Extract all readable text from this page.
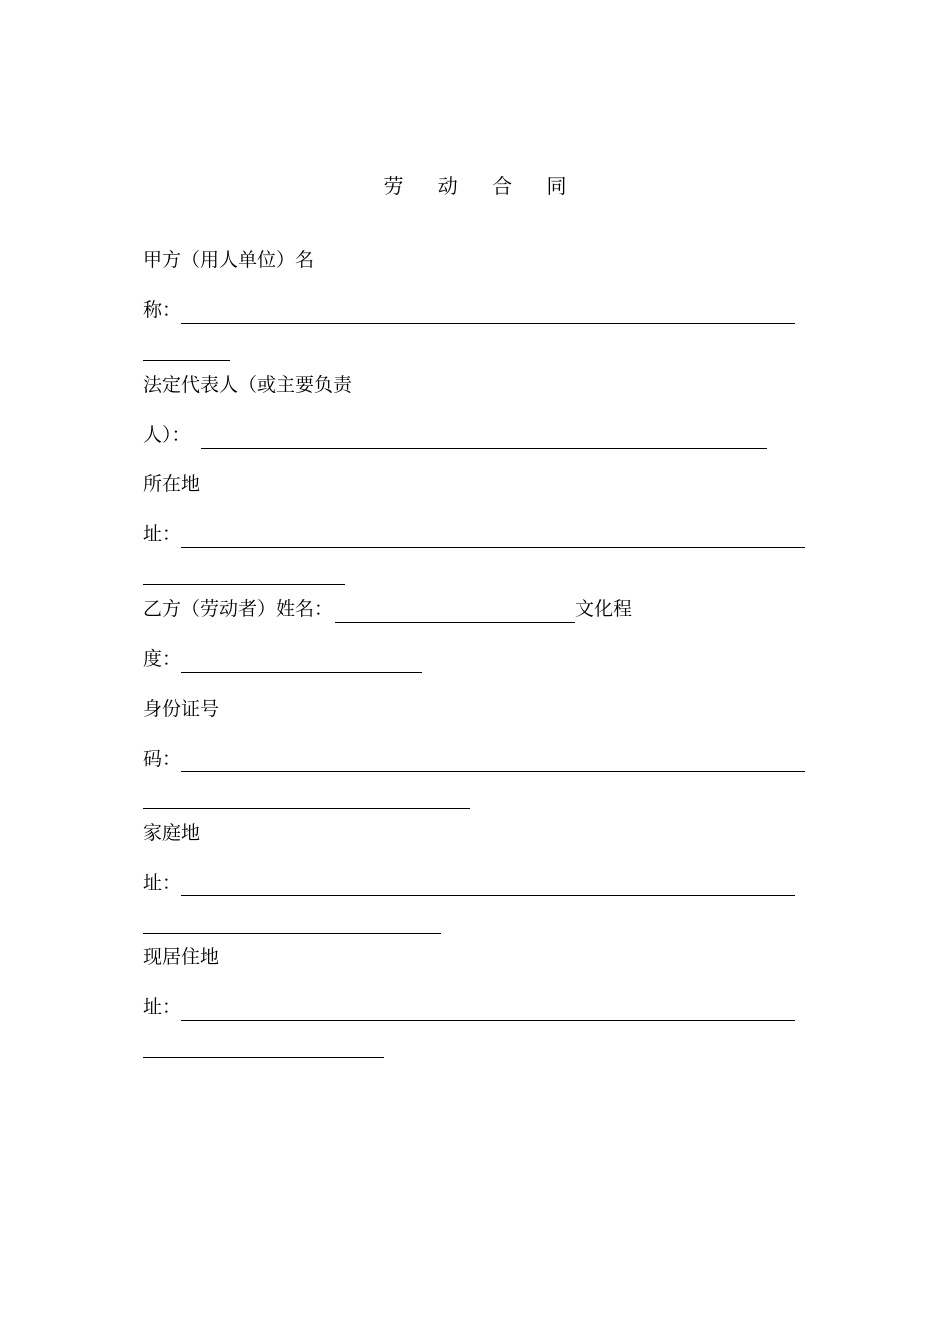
劳 动 合 同
甲方（用人单位）名
称：
法定代表人（或主要负责
人）：
所在地
址：
乙方（劳动者）姓名：	文化程
度：
身份证号
码：
家庭地
址：
现居住地
址：
